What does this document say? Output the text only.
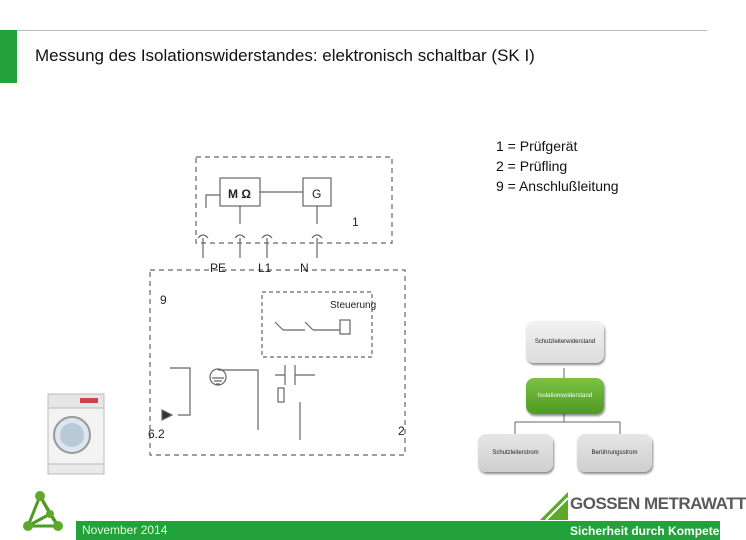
Messung des Isolationswiderstandes: elektronisch schaltbar (SK I)
1 = Prüfgerät
2 = Prüfling
9 = Anschlußleitung
M Ω	G
PE	L1 N
Steuerung
1
9
6.2	2
Schutzleiterwiderstand
Isolationswiderstand
Schutzleiterstrom	Berührungsstrom
November 2014
GOSSEN METRAWATT
Sicherheit durch Kompetenz
